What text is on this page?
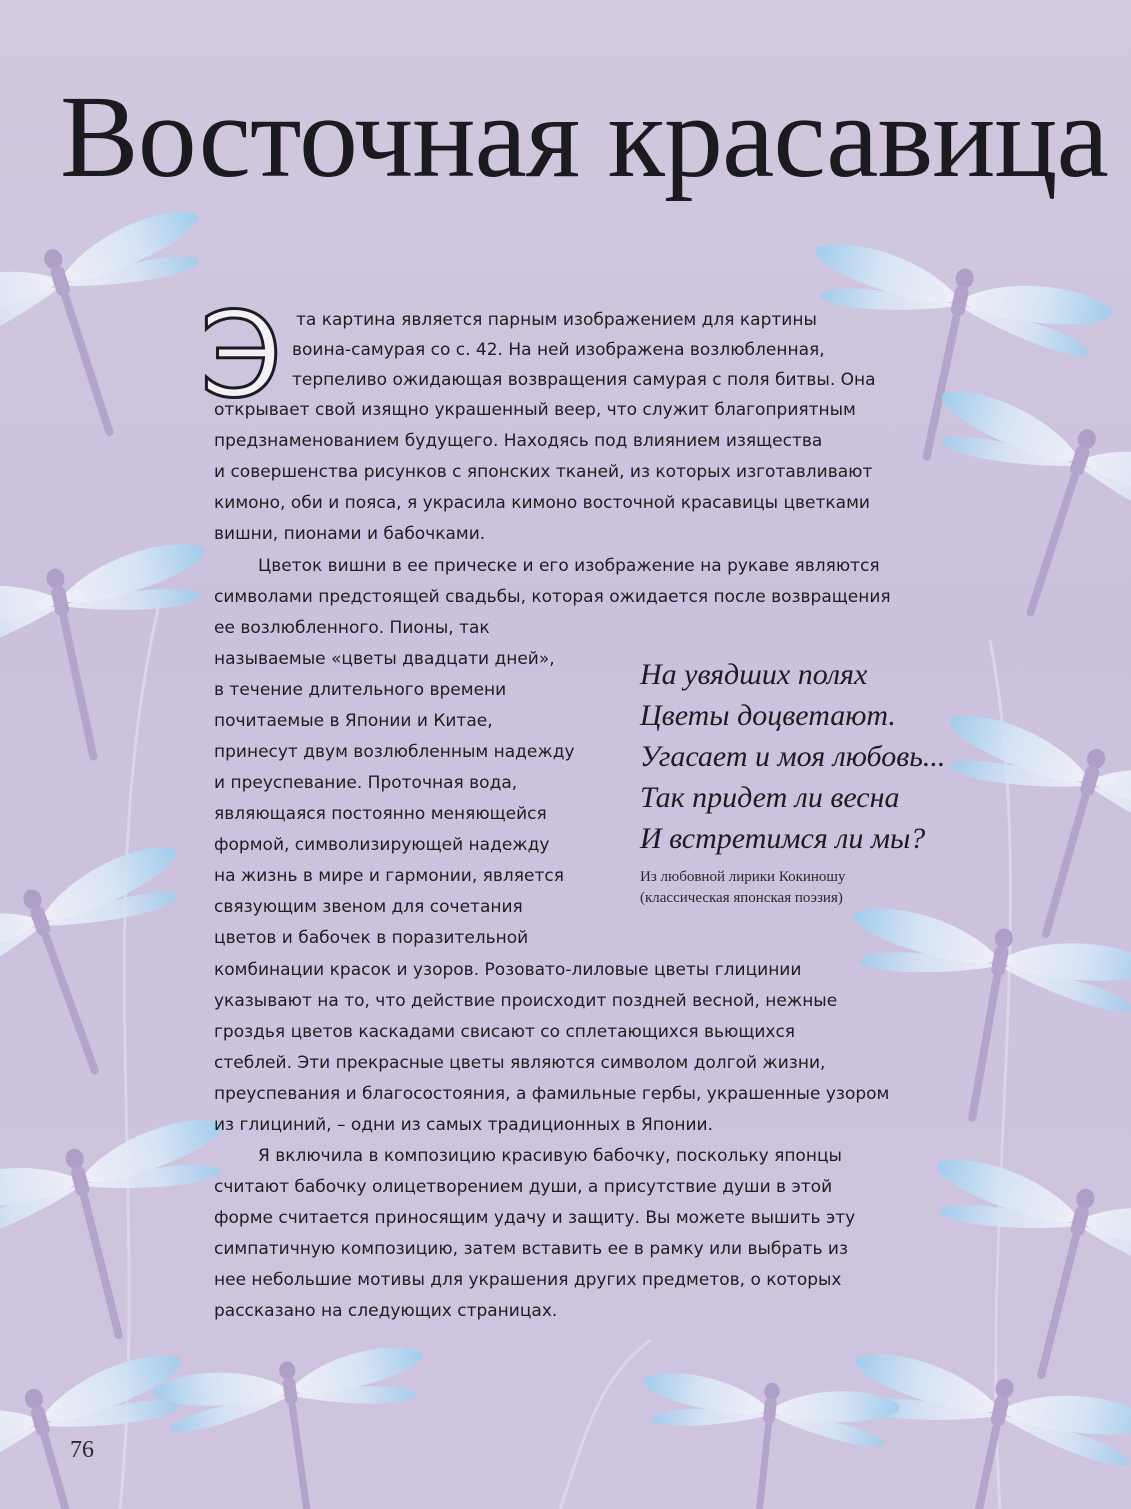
Восточная красавица
Э та картина является парным изображением для картины
воина-самурая со с. 42. На ней изображена возлюбленная,
терпеливо ожидающая возвращения самурая с поля битвы. Она
открывает свой изящно украшенный веер, что служит благоприятным
предзнаменованием будущего. Находясь под влиянием изящества
и совершенства рисунков с японских тканей, из которых изготавливают
кимоно, оби и пояса, я украсила кимоно восточной красавицы цветками
вишни, пионами и бабочками.
Цветок вишни в ее прическе и его изображение на рукаве являются
символами предстоящей свадьбы, которая ожидается после возвращения
ее возлюбленного. Пионы, так
называемые «цветы двадцати дней»,
в течение длительного времени
почитаемые в Японии и Китае,
принесут двум возлюбленным надежду
и преуспевание. Проточная вода,
являющаяся постоянно меняющейся
формой, символизирующей надежду
на жизнь в мире и гармонии, является
связующим звеном для сочетания
цветов и бабочек в поразительной
комбинации красок и узоров. Розовато-лиловые цветы глицинии
указывают на то, что действие происходит поздней весной, нежные
гроздья цветов каскадами свисают со сплетающихся вьющихся
стеблей. Эти прекрасные цветы являются символом долгой жизни,
преуспевания и благосостояния, а фамильные гербы, украшенные узором
из глициний, – одни из самых традиционных в Японии.
Я включила в композицию красивую бабочку, поскольку японцы
считают бабочку олицетворением души, а присутствие души в этой
форме считается приносящим удачу и защиту. Вы можете вышить эту
симпатичную композицию, затем вставить ее в рамку или выбрать из
нее небольшие мотивы для украшения других предметов, о которых
рассказано на следующих страницах.
На увядших полях
Цветы доцветают.
Угасает и моя любовь...
Так придет ли весна
И встретимся ли мы?
Из любовной лирики Кокиношу
(классическая японская поэзия)
76
